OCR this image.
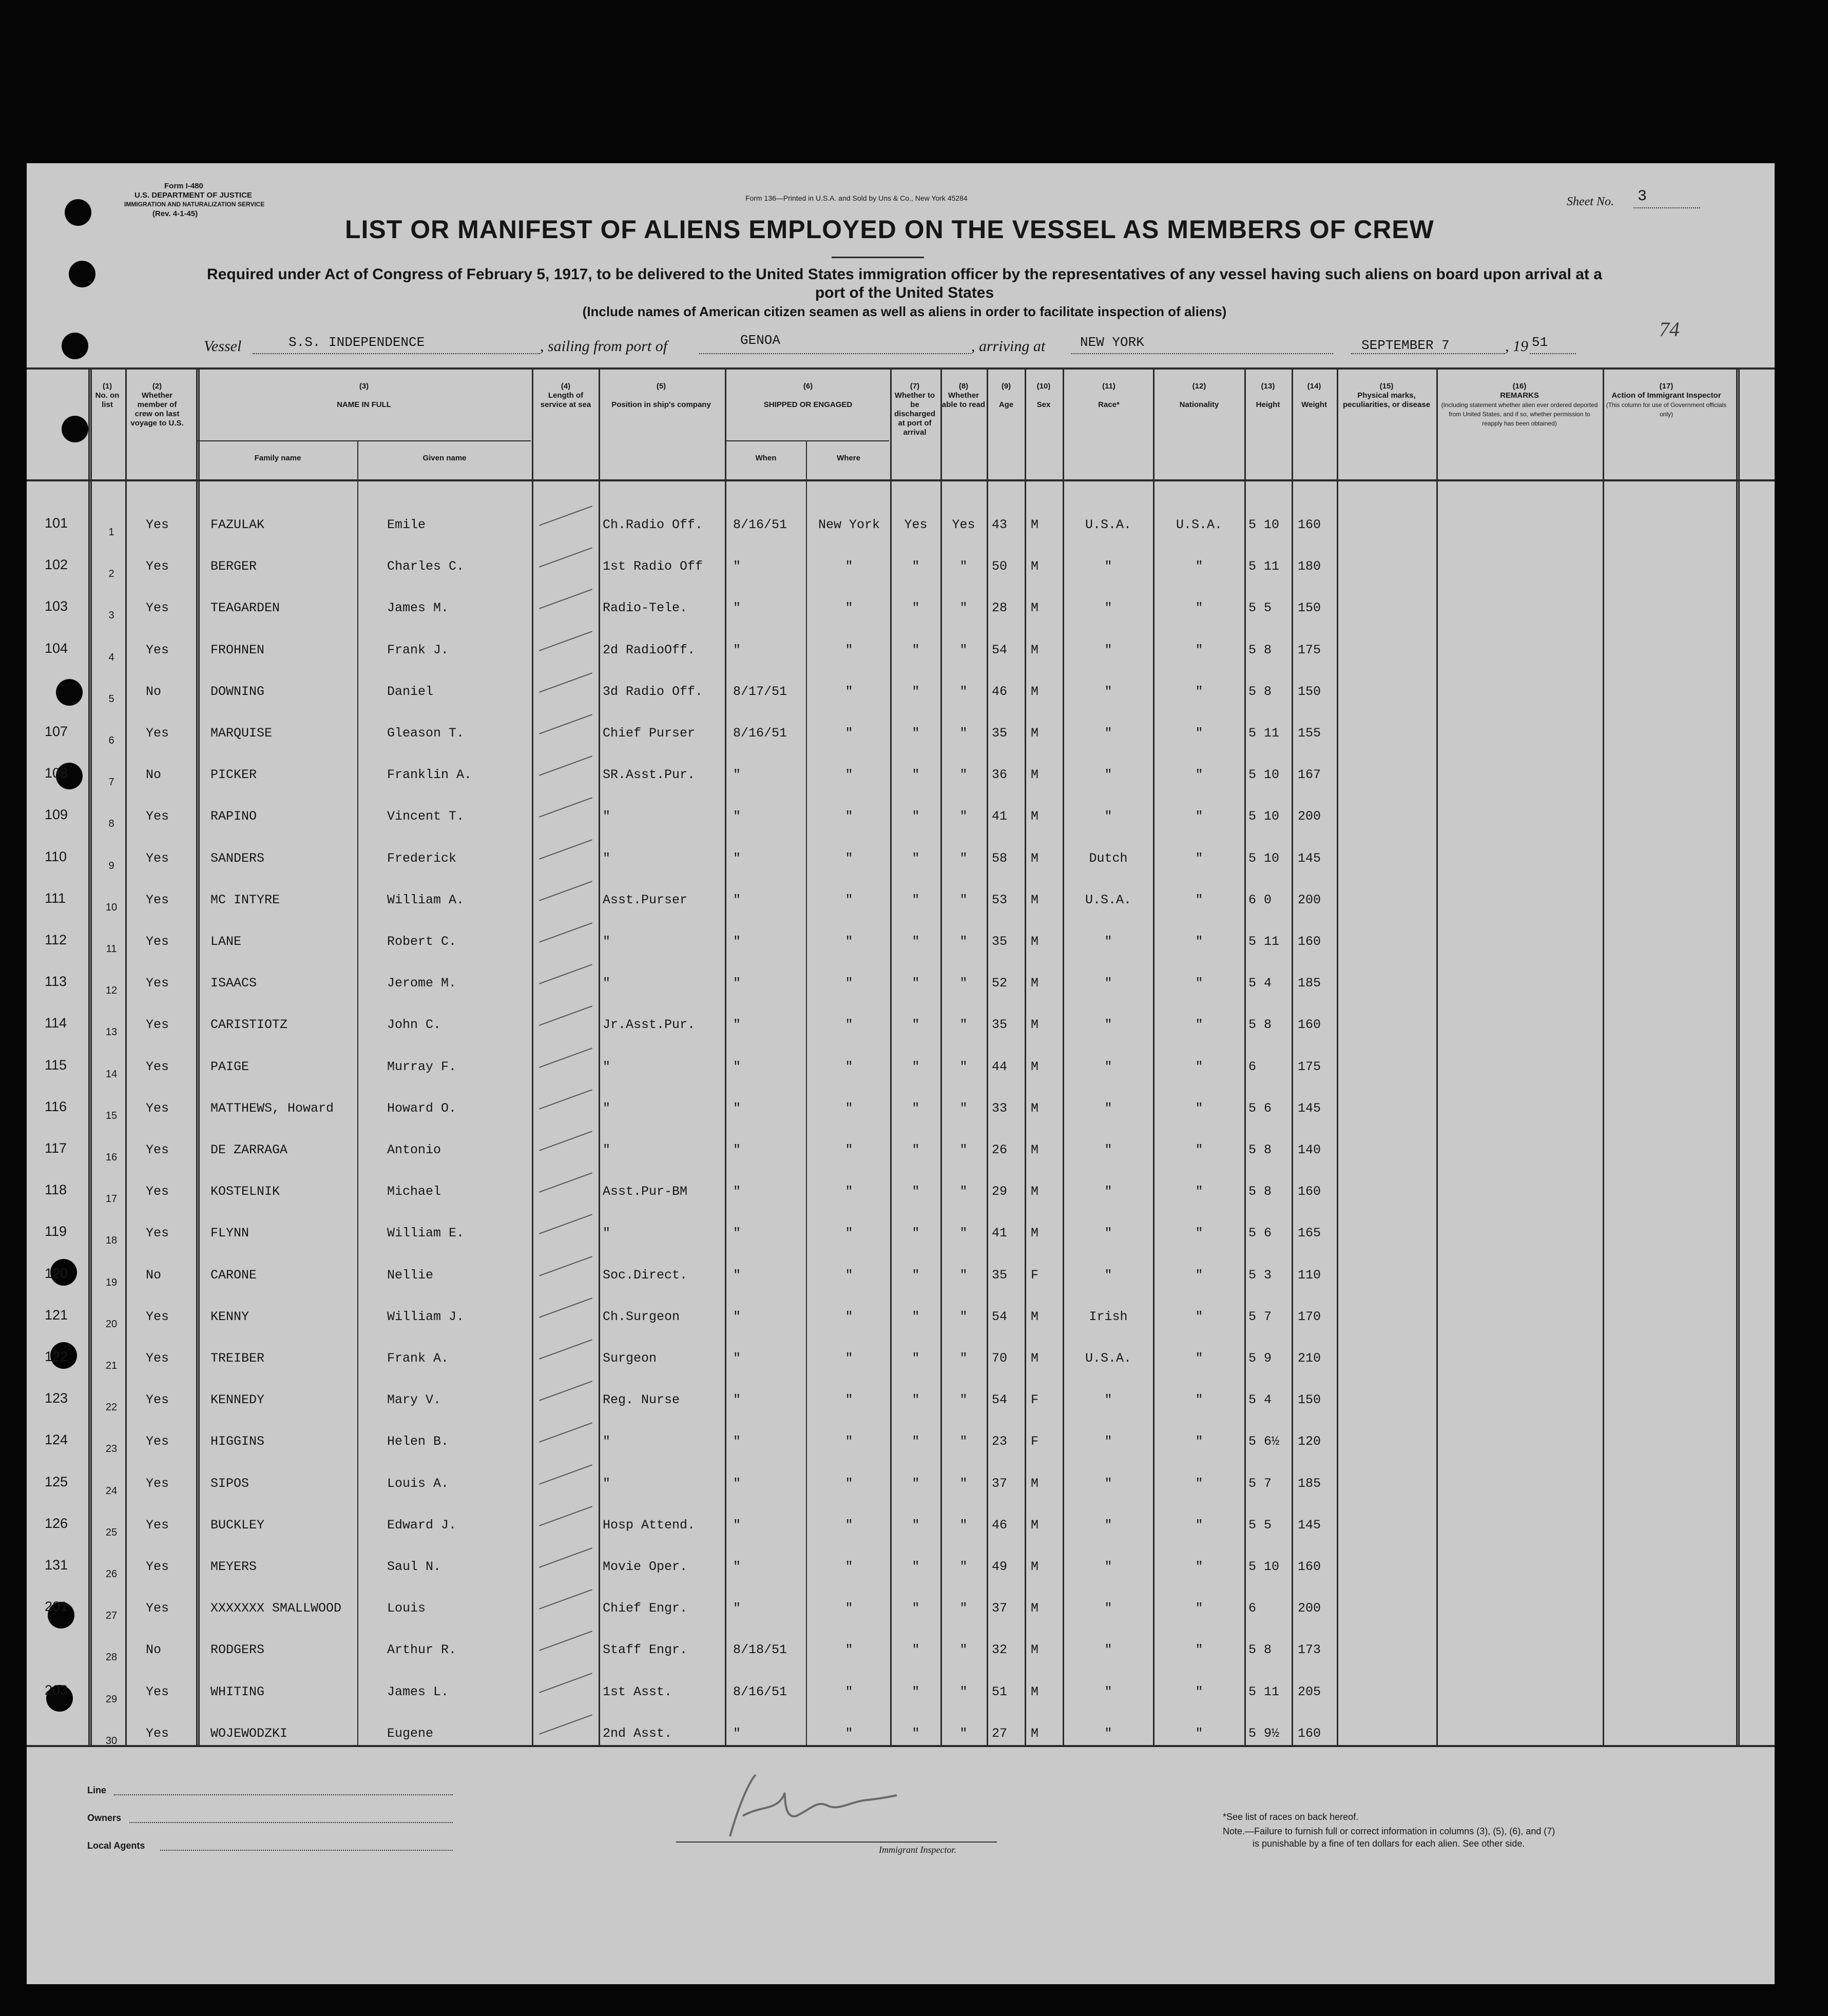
Form I-480
U.S. DEPARTMENT OF JUSTICE
IMMIGRATION AND NATURALIZATION SERVICE
(Rev. 4-1-45)
Form 136—Printed in U.S.A. and Sold by Uns & Co., New York 45284	Sheet No. 3
LIST OR MANIFEST OF ALIENS EMPLOYED ON THE VESSEL AS MEMBERS OF CREW
Required under Act of Congress of February 5, 1917, to be delivered to the United States immigration officer by the representatives of any vessel having such aliens on board upon arrival at a
port of the United States
(Include names of American citizen seamen as well as aliens in order to facilitate inspection of aliens)
74
Vessel	S.S. INDEPENDENCE	, sailing from port of	GENOA	, arriving at	NEW YORK	SEPTEMBER 7	, 19 51
(1)
No. on list
(2)
Whether member of crew on last voyage to U.S.
(3)

NAME IN FULL
Family name	Given name
(4)
Length of service at sea
(5)

Position in ship's company
(6)

SHIPPED OR ENGAGED
When	Where
(7)
Whether to be discharged at port of arrival
(8)
Whether able to read
(9)

Age
(10)

Sex
(11)

Race*
(12)

Nationality
(13)

Height
(14)

Weight
(15)
Physical marks, peculiarities, or disease
(16)
REMARKS
(Including statement whether alien ever ordered deported from United States, and if so, whether permission to reapply has been obtained)
(17)
Action of Immigrant Inspector
(This column for use of Government officials only)
101
1	Yes	FAZULAK	Emile	Ch.Radio Off.	8/16/51	New York	Yes	Yes	43	M	U.S.A.	U.S.A.	5 10	160
102
2	Yes	BERGER	Charles C.	1st Radio Off	"	"	"	"	50	M	"	"	5 11	180
103
3	Yes	TEAGARDEN	James M.	Radio-Tele.	"	"	"	"	28	M	"	"	5 5	150
104
4	Yes	FROHNEN	Frank J.	2d RadioOff.	"	"	"	"	54	M	"	"	5 8	175
5	No	DOWNING	Daniel	3d Radio Off.	8/17/51	"	"	"	46	M	"	"	5 8	150
107
6	Yes	MARQUISE	Gleason T.	Chief Purser	8/16/51	"	"	"	35	M	"	"	5 11	155
108
7	No	PICKER	Franklin A.	SR.Asst.Pur.	"	"	"	"	36	M	"	"	5 10	167
109
8	Yes	RAPINO	Vincent T.	"	"	"	"	"	41	M	"	"	5 10	200
110
9	Yes	SANDERS	Frederick	"	"	"	"	"	58	M	Dutch	"	5 10	145
111
10	Yes	MC INTYRE	William A.	Asst.Purser	"	"	"	"	53	M	U.S.A.	"	6 0	200
112
11	Yes	LANE	Robert C.	"	"	"	"	"	35	M	"	"	5 11	160
113
12	Yes	ISAACS	Jerome M.	"	"	"	"	"	52	M	"	"	5 4	185
114
13	Yes	CARISTIOTZ	John C.	Jr.Asst.Pur.	"	"	"	"	35	M	"	"	5 8	160
115
14	Yes	PAIGE	Murray F.	"	"	"	"	"	44	M	"	"	6	175
116
15	Yes	MATTHEWS, Howard	Howard O.	"	"	"	"	"	33	M	"	"	5 6	145
117
16	Yes	DE ZARRAGA	Antonio	"	"	"	"	"	26	M	"	"	5 8	140
118
17	Yes	KOSTELNIK	Michael	Asst.Pur-BM	"	"	"	"	29	M	"	"	5 8	160
119
18	Yes	FLYNN	William E.	"	"	"	"	"	41	M	"	"	5 6	165
120
19	No	CARONE	Nellie	Soc.Direct.	"	"	"	"	35	F	"	"	5 3	110
121
20	Yes	KENNY	William J.	Ch.Surgeon	"	"	"	"	54	M	Irish	"	5 7	170
122
21	Yes	TREIBER	Frank A.	Surgeon	"	"	"	"	70	M	U.S.A.	"	5 9	210
123
22	Yes	KENNEDY	Mary V.	Reg. Nurse	"	"	"	"	54	F	"	"	5 4	150
124
23	Yes	HIGGINS	Helen B.	"	"	"	"	"	23	F	"	"	5 6½	120
125
24	Yes	SIPOS	Louis A.	"	"	"	"	"	37	M	"	"	5 7	185
126
25	Yes	BUCKLEY	Edward J.	Hosp Attend.	"	"	"	"	46	M	"	"	5 5	145
131
26	Yes	MEYERS	Saul N.	Movie Oper.	"	"	"	"	49	M	"	"	5 10	160
201
27	Yes	XXXXXXX SMALLWOOD	Louis	Chief Engr.	"	"	"	"	37	M	"	"	6	200
28	No	RODGERS	Arthur R.	Staff Engr.	8/18/51	"	"	"	32	M	"	"	5 8	173
203
29	Yes	WHITING	James L.	1st Asst.	8/16/51	"	"	"	51	M	"	"	5 11	205
30	Yes	WOJEWODZKI	Eugene	2nd Asst.	"	"	"	"	27	M	"	"	5 9½	160
Line
Owners
Local Agents	Immigrant Inspector.
*See list of races on back hereof.
Note.—Failure to furnish full or correct information in columns (3), (5), (6), and (7)
is punishable by a fine of ten dollars for each alien. See other side.
